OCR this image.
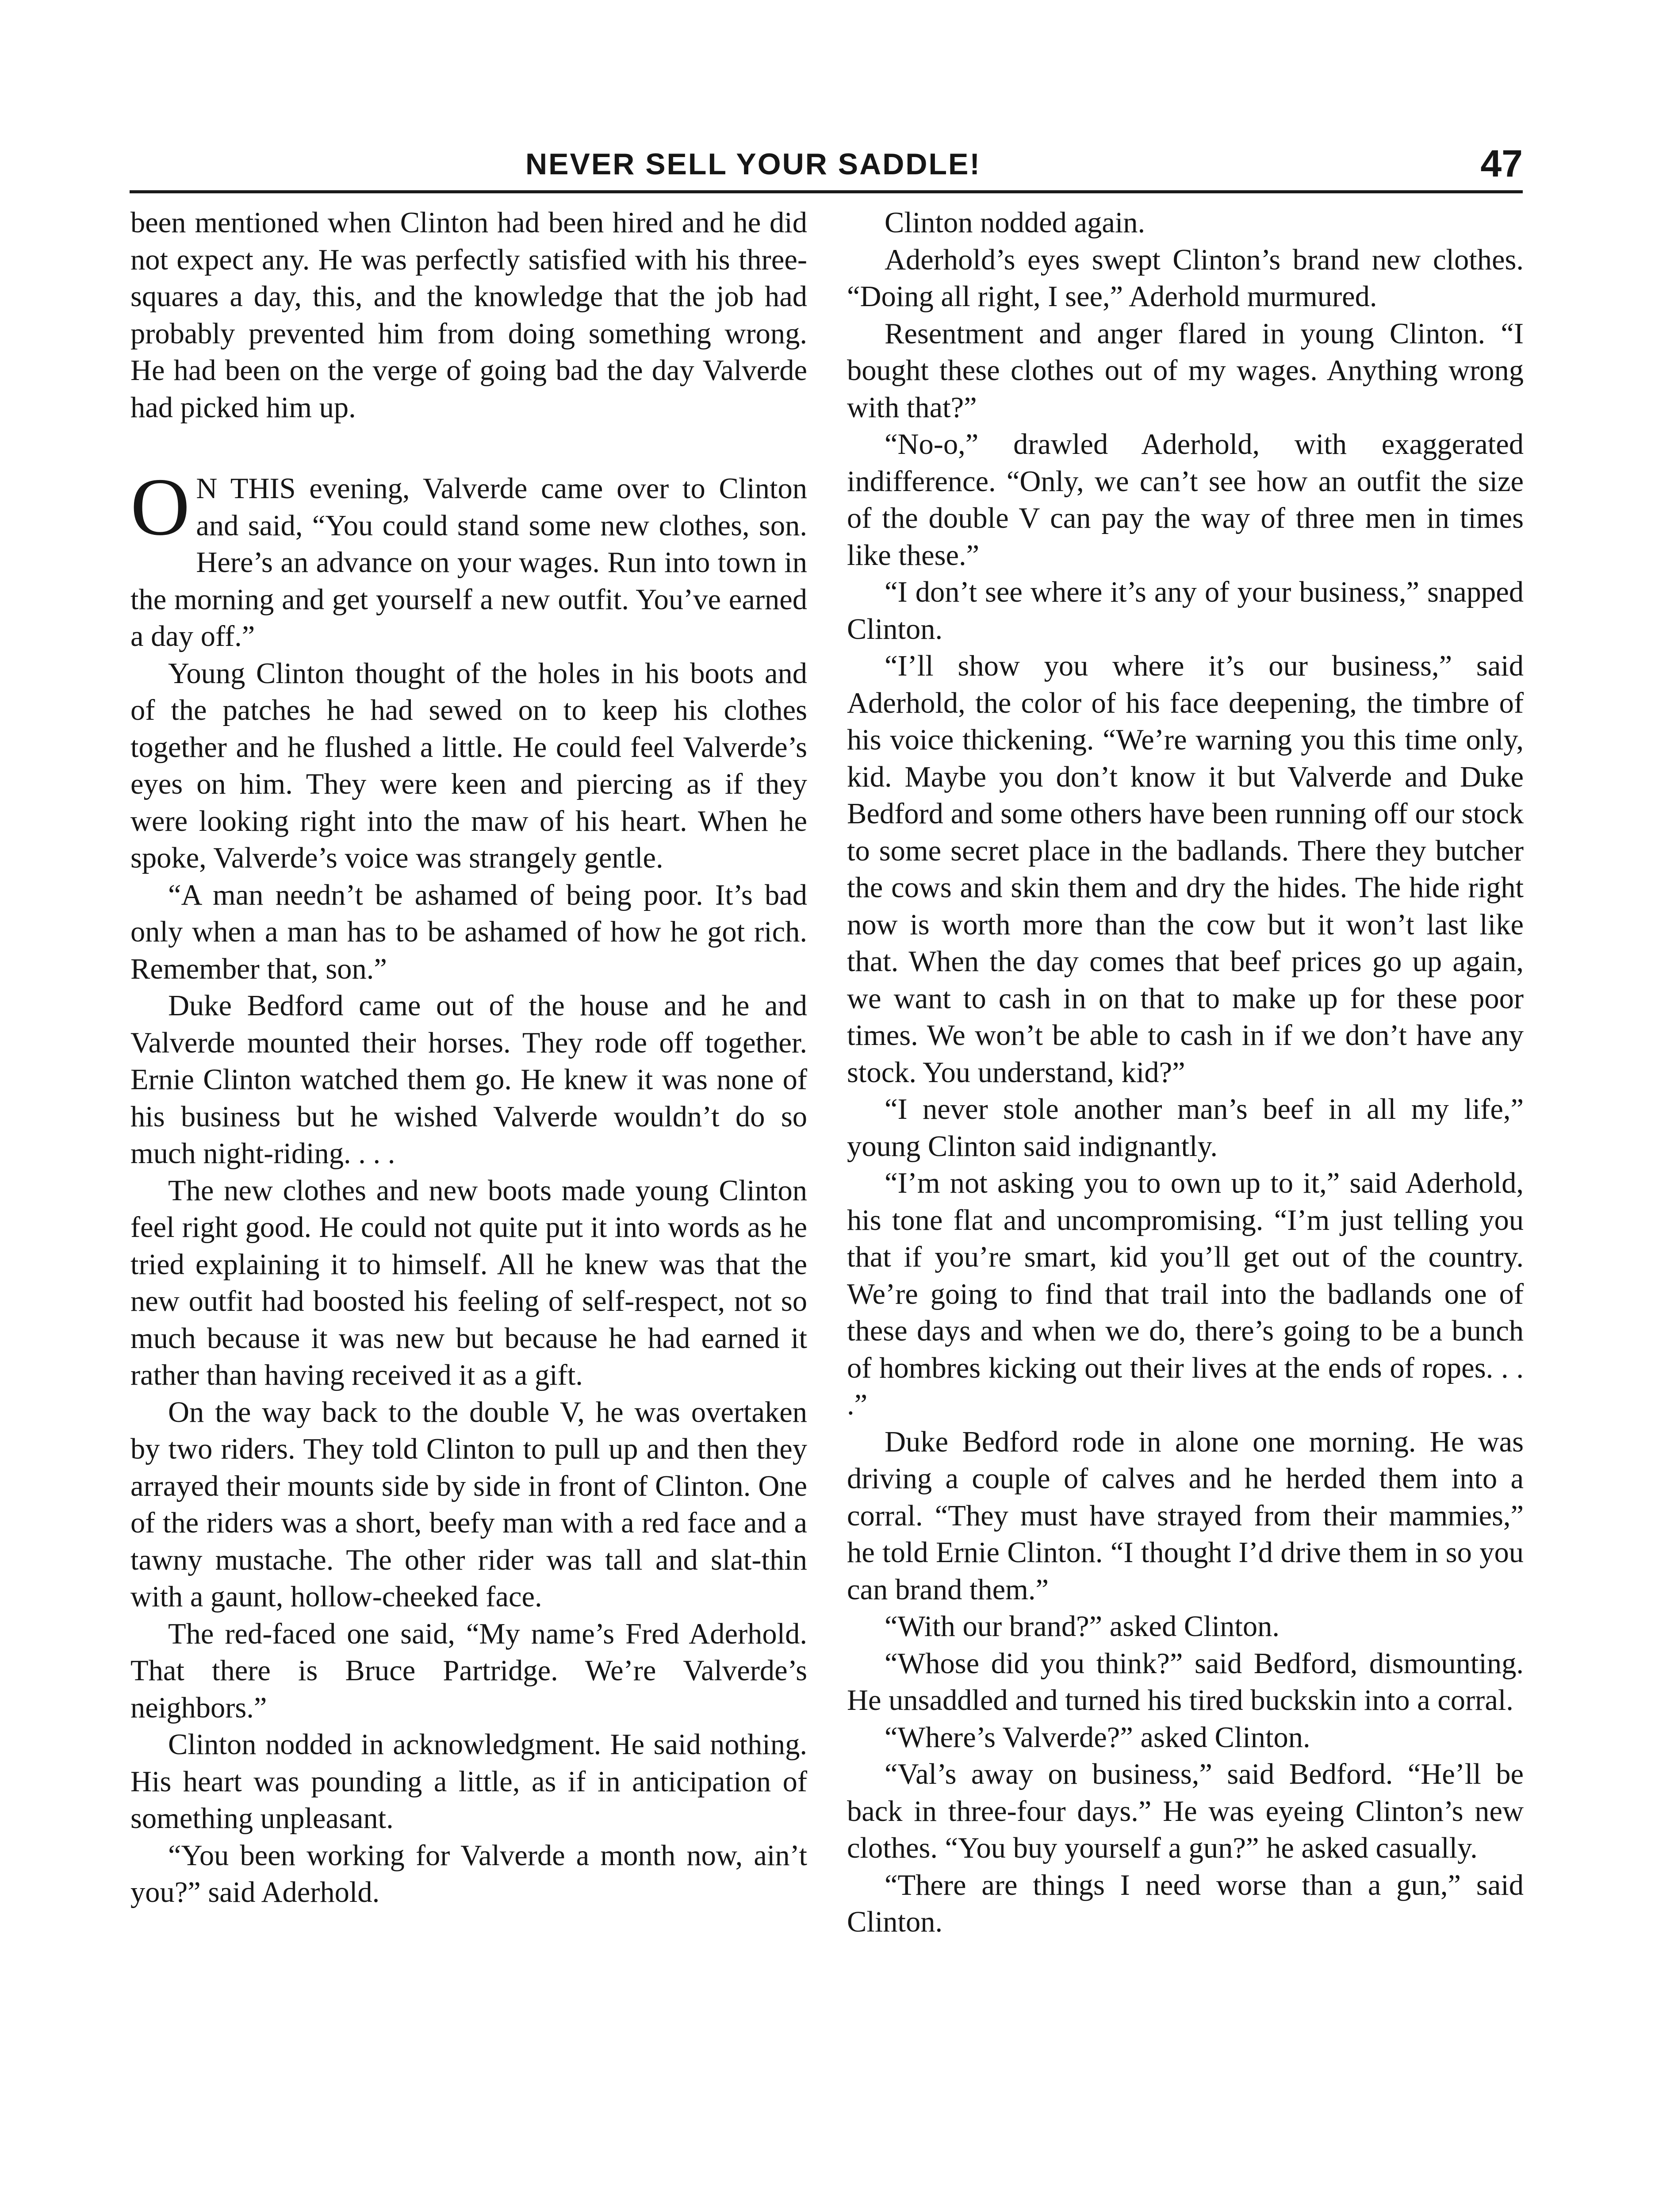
NEVER SELL YOUR SADDLE!	47

been mentioned when Clinton had been hired and he did not expect any. He was perfectly satisfied with his three-squares a day, this, and the knowledge that the job had probably prevented him from doing something wrong. He had been on the verge of going bad the day Valverde had picked him up.

O N THIS evening, Valverde came over to Clinton and said, “You could stand some new clothes, son. Here’s an advance on your wages. Run into town in the morning and get yourself a new outfit. You’ve earned a day off.”

Young Clinton thought of the holes in his boots and of the patches he had sewed on to keep his clothes together and he flushed a little. He could feel Valverde’s eyes on him. They were keen and piercing as if they were looking right into the maw of his heart. When he spoke, Valverde’s voice was strangely gentle.

“A man needn’t be ashamed of being poor. It’s bad only when a man has to be ashamed of how he got rich. Remember that, son.”

Duke Bedford came out of the house and he and Valverde mounted their horses. They rode off together. Ernie Clinton watched them go. He knew it was none of his business but he wished Valverde wouldn’t do so much night-riding. . . .

The new clothes and new boots made young Clinton feel right good. He could not quite put it into words as he tried explaining it to himself. All he knew was that the new outfit had boosted his feeling of self-respect, not so much because it was new but because he had earned it rather than having received it as a gift.

On the way back to the double V, he was overtaken by two riders. They told Clinton to pull up and then they arrayed their mounts side by side in front of Clinton. One of the riders was a short, beefy man with a red face and a tawny mustache. The other rider was tall and slat-thin with a gaunt, hollow-cheeked face.

The red-faced one said, “My name’s Fred Aderhold. That there is Bruce Partridge. We’re Valverde’s neighbors.”

Clinton nodded in acknowledgment. He said nothing. His heart was pounding a little, as if in anticipation of something unpleasant.

“You been working for Valverde a month now, ain’t you?” said Aderhold.

Clinton nodded again.

Aderhold’s eyes swept Clinton’s brand new clothes. “Doing all right, I see,” Aderhold murmured.

Resentment and anger flared in young Clinton. “I bought these clothes out of my wages. Anything wrong with that?”

“No-o,” drawled Aderhold, with exaggerated indifference. “Only, we can’t see how an outfit the size of the double V can pay the way of three men in times like these.”

“I don’t see where it’s any of your business,” snapped Clinton.

“I’ll show you where it’s our business,” said Aderhold, the color of his face deepening, the timbre of his voice thickening. “We’re warning you this time only, kid. Maybe you don’t know it but Valverde and Duke Bedford and some others have been running off our stock to some secret place in the badlands. There they butcher the cows and skin them and dry the hides. The hide right now is worth more than the cow but it won’t last like that. When the day comes that beef prices go up again, we want to cash in on that to make up for these poor times. We won’t be able to cash in if we don’t have any stock. You understand, kid?”

“I never stole another man’s beef in all my life,” young Clinton said indignantly.

“I’m not asking you to own up to it,” said Aderhold, his tone flat and uncompromising. “I’m just telling you that if you’re smart, kid you’ll get out of the country. We’re going to find that trail into the badlands one of these days and when we do, there’s going to be a bunch of hombres kicking out their lives at the ends of ropes. . . .”

Duke Bedford rode in alone one morning. He was driving a couple of calves and he herded them into a corral. “They must have strayed from their mammies,” he told Ernie Clinton. “I thought I’d drive them in so you can brand them.”

“With our brand?” asked Clinton.

“Whose did you think?” said Bedford, dismounting. He unsaddled and turned his tired buckskin into a corral.

“Where’s Valverde?” asked Clinton.

“Val’s away on business,” said Bedford. “He’ll be back in three-four days.” He was eyeing Clinton’s new clothes. “You buy yourself a gun?” he asked casually.

“There are things I need worse than a gun,” said Clinton.
